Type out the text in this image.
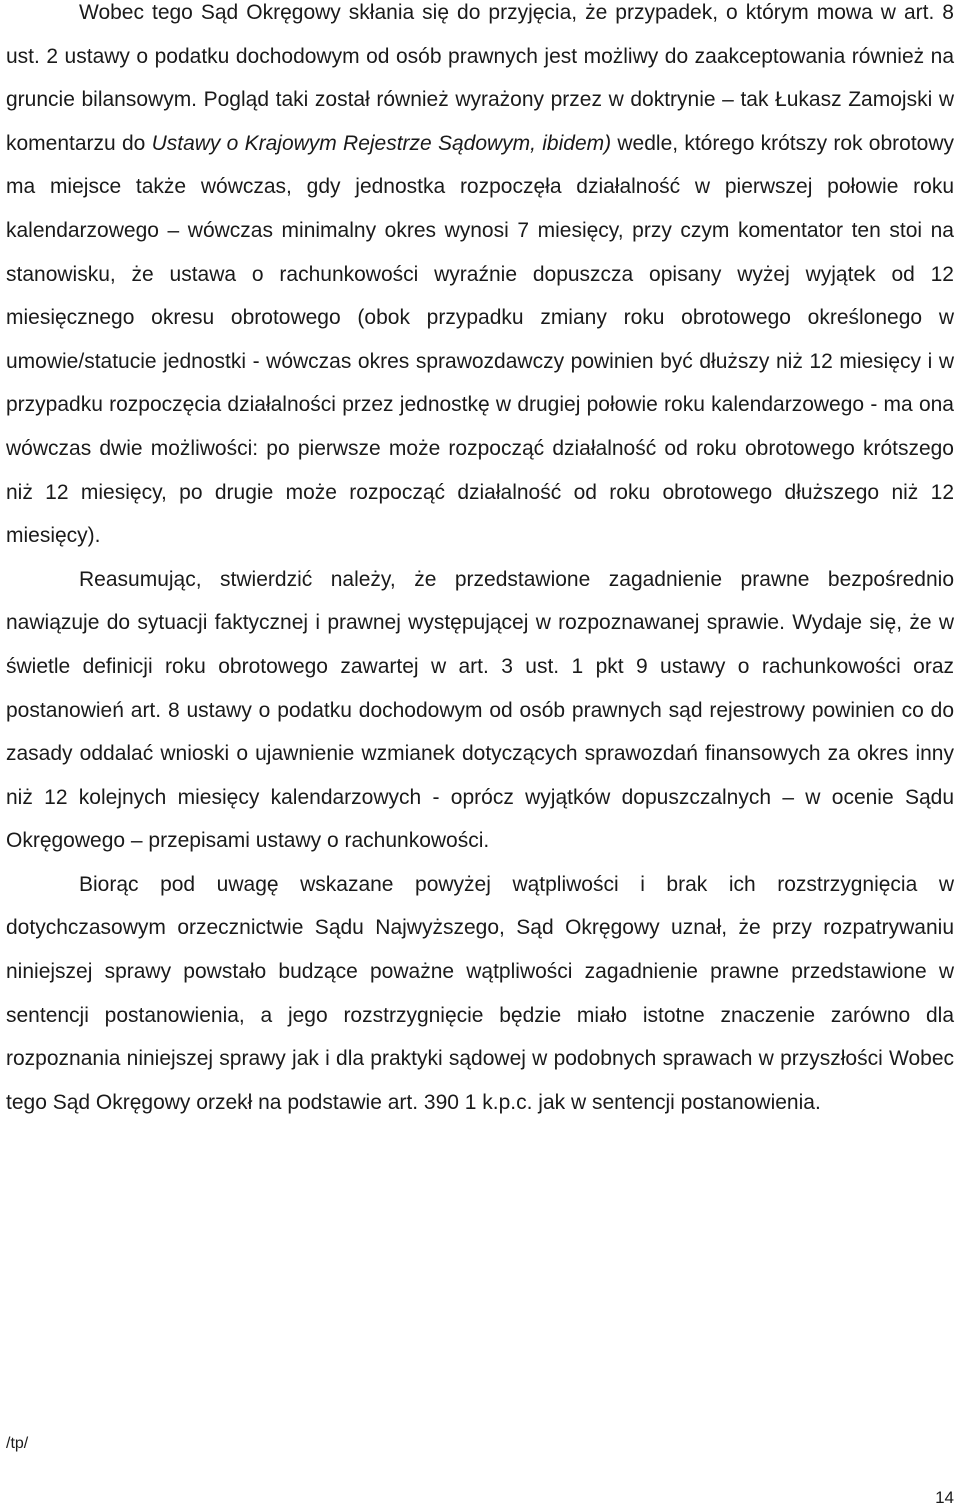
Wobec tego Sąd Okręgowy skłania się do przyjęcia, że przypadek, o którym mowa w art. 8 ust. 2 ustawy o podatku dochodowym od osób prawnych jest możliwy do zaakceptowania również na gruncie bilansowym. Pogląd taki został również wyrażony przez w doktrynie – tak Łukasz Zamojski w komentarzu do Ustawy o Krajowym Rejestrze Sądowym, ibidem) wedle, którego krótszy rok obrotowy ma miejsce także wówczas, gdy jednostka rozpoczęła działalność w pierwszej połowie roku kalendarzowego – wówczas minimalny okres wynosi 7 miesięcy, przy czym komentator ten stoi na stanowisku, że ustawa o rachunkowości wyraźnie dopuszcza opisany wyżej wyjątek od 12 miesięcznego okresu obrotowego (obok przypadku zmiany roku obrotowego określonego w umowie/statucie jednostki - wówczas okres sprawozdawczy powinien być dłuższy niż 12 miesięcy i w przypadku rozpoczęcia działalności przez jednostkę w drugiej połowie roku kalendarzowego - ma ona wówczas dwie możliwości: po pierwsze może rozpocząć działalność od roku obrotowego krótszego niż 12 miesięcy, po drugie może rozpocząć działalność od roku obrotowego dłuższego niż 12 miesięcy).

Reasumując, stwierdzić należy, że przedstawione zagadnienie prawne bezpośrednio nawiązuje do sytuacji faktycznej i prawnej występującej w rozpoznawanej sprawie. Wydaje się, że w świetle definicji roku obrotowego zawartej w art. 3 ust. 1 pkt 9 ustawy o rachunkowości oraz postanowień art. 8 ustawy o podatku dochodowym od osób prawnych sąd rejestrowy powinien co do zasady oddalać wnioski o ujawnienie wzmianek dotyczących sprawozdań finansowych za okres inny niż 12 kolejnych miesięcy kalendarzowych - oprócz wyjątków dopuszczalnych – w ocenie Sądu Okręgowego – przepisami ustawy o rachunkowości.

Biorąc pod uwagę wskazane powyżej wątpliwości i brak ich rozstrzygnięcia w dotychczasowym orzecznictwie Sądu Najwyższego, Sąd Okręgowy uznał, że przy rozpatrywaniu niniejszej sprawy powstało budzące poważne wątpliwości zagadnienie prawne przedstawione w sentencji postanowienia, a jego rozstrzygnięcie będzie miało istotne znaczenie zarówno dla rozpoznania niniejszej sprawy jak i dla praktyki sądowej w podobnych sprawach w przyszłości Wobec tego Sąd Okręgowy orzekł na podstawie art. 390 1 k.p.c. jak w sentencji postanowienia.

/tp/
14
